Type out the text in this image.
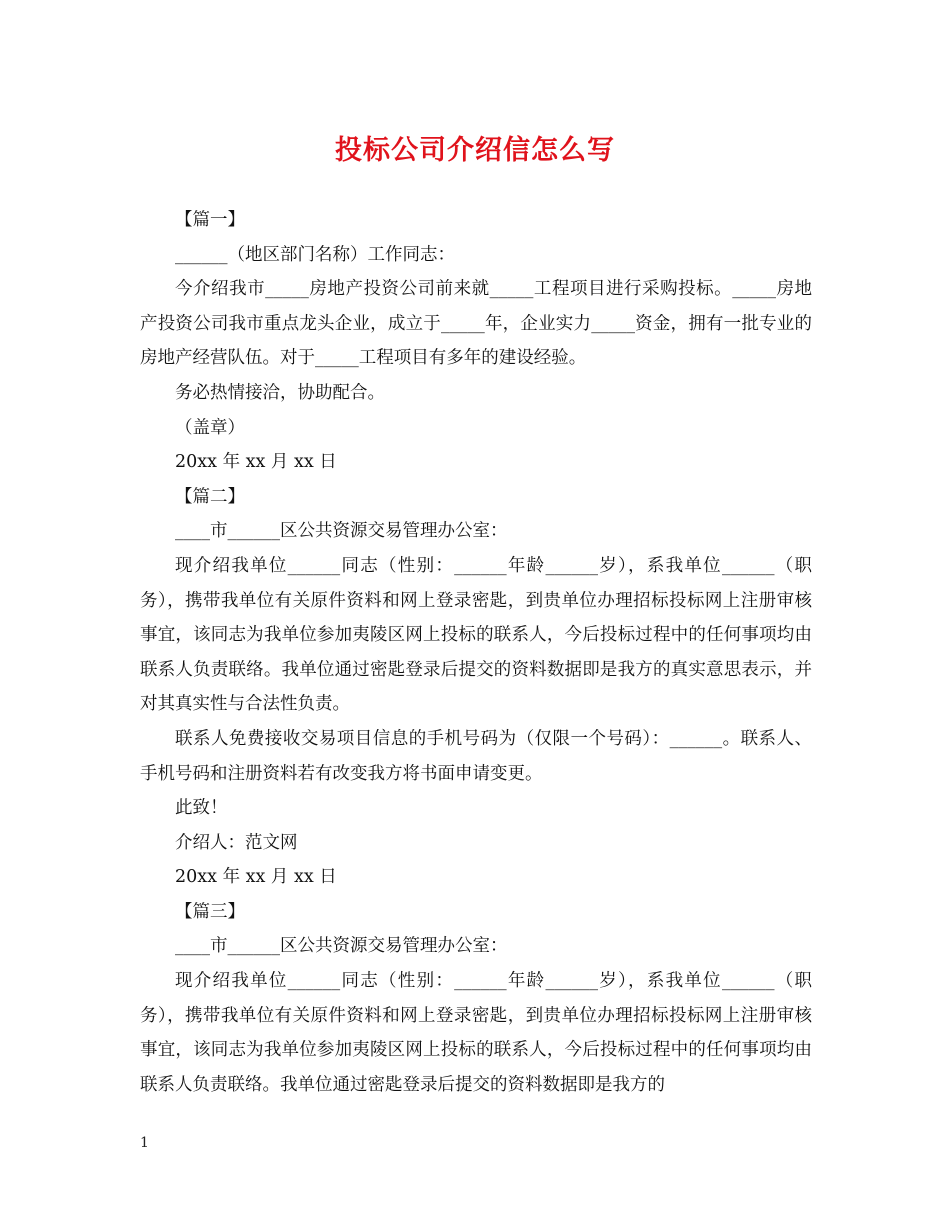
投标公司介绍信怎么写

【篇一】

______（地区部门名称）工作同志：

今介绍我市_____房地产投资公司前来就_____工程项目进行采购投标。_____房地产投资公司我市重点龙头企业，成立于_____年，企业实力_____资金，拥有一批专业的房地产经营队伍。对于_____工程项目有多年的建设经验。

务必热情接洽，协助配合。

（盖章）

20xx 年 xx 月 xx 日

【篇二】

____市______区公共资源交易管理办公室：

现介绍我单位______同志（性别：______年龄______岁），系我单位______（职务），携带我单位有关原件资料和网上登录密匙，到贵单位办理招标投标网上注册审核事宜，该同志为我单位参加夷陵区网上投标的联系人，今后投标过程中的任何事项均由联系人负责联络。我单位通过密匙登录后提交的资料数据即是我方的真实意思表示，并对其真实性与合法性负责。

联系人免费接收交易项目信息的手机号码为（仅限一个号码）：______。联系人、手机号码和注册资料若有改变我方将书面申请变更。

此致！

介绍人：范文网

20xx 年 xx 月 xx 日

【篇三】

____市______区公共资源交易管理办公室：

现介绍我单位______同志（性别：______年龄______岁），系我单位______（职务），携带我单位有关原件资料和网上登录密匙，到贵单位办理招标投标网上注册审核事宜，该同志为我单位参加夷陵区网上投标的联系人，今后投标过程中的任何事项均由联系人负责联络。我单位通过密匙登录后提交的资料数据即是我方的

1
